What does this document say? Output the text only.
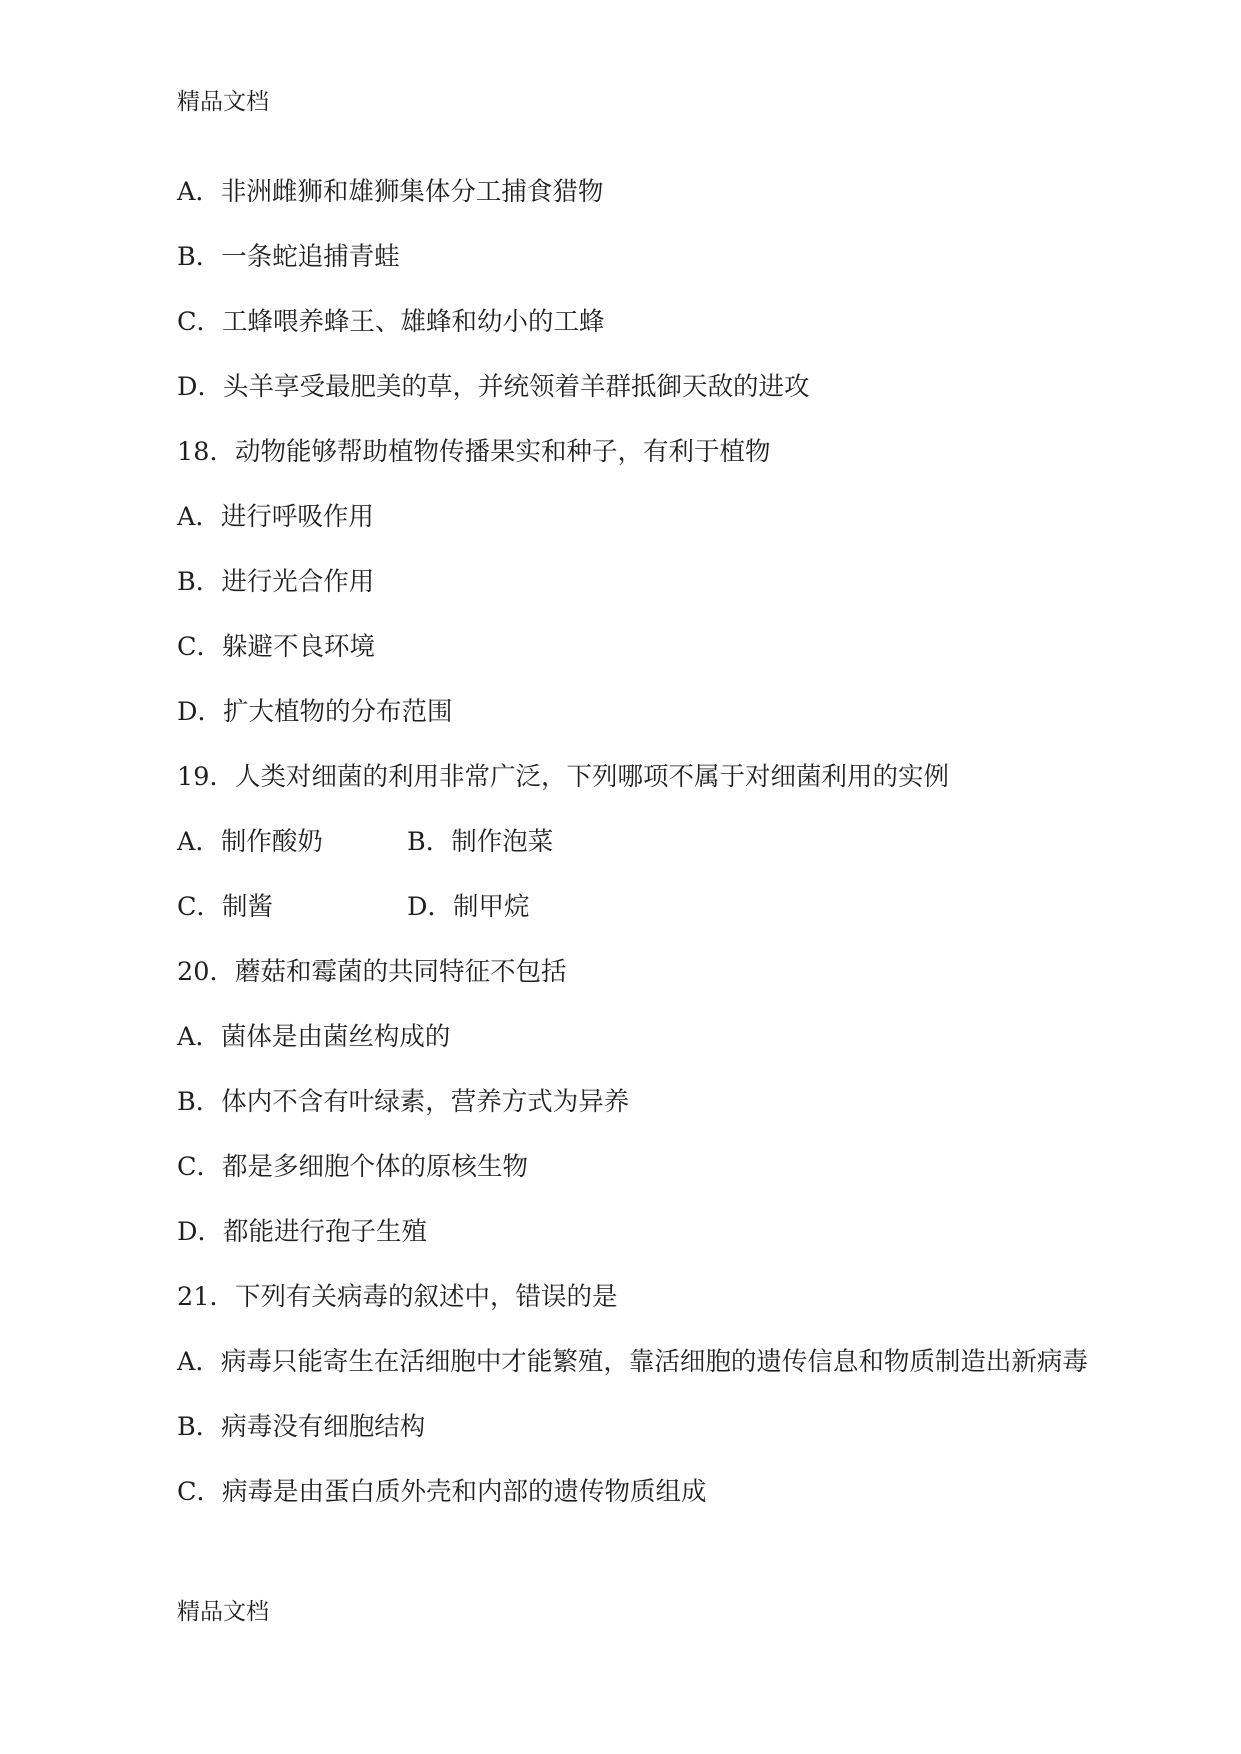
精品文档
A．非洲雌狮和雄狮集体分工捕食猎物
B．一条蛇追捕青蛙
C．工蜂喂养蜂王、雄蜂和幼小的工蜂
D．头羊享受最肥美的草，并统领着羊群抵御天敌的进攻
18．动物能够帮助植物传播果实和种子，有利于植物
A．进行呼吸作用
B．进行光合作用
C．躲避不良环境
D．扩大植物的分布范围
19．人类对细菌的利用非常广泛，下列哪项不属于对细菌利用的实例
A．制作酸奶	B．制作泡菜
C．制酱	D．制甲烷
20．蘑菇和霉菌的共同特征不包括
A．菌体是由菌丝构成的
B．体内不含有叶绿素，营养方式为异养
C．都是多细胞个体的原核生物
D．都能进行孢子生殖
21．下列有关病毒的叙述中，错误的是
A．病毒只能寄生在活细胞中才能繁殖，靠活细胞的遗传信息和物质制造出新病毒
B．病毒没有细胞结构
C．病毒是由蛋白质外壳和内部的遗传物质组成
精品文档
